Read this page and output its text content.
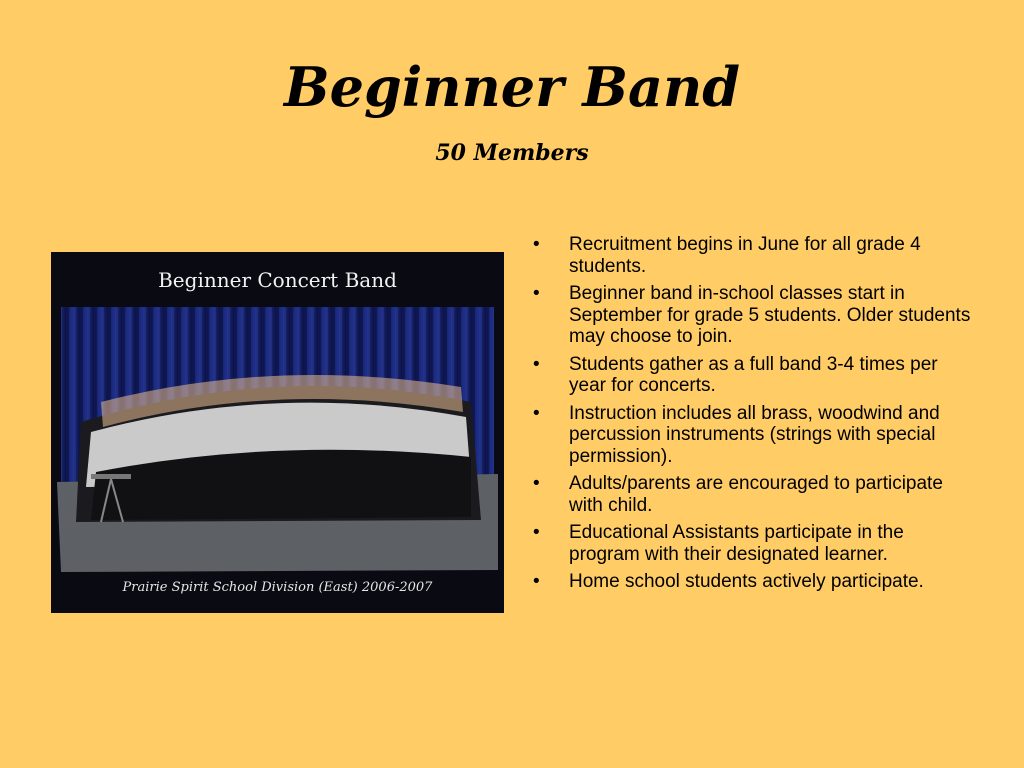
Beginner Band
50 Members
Beginner Concert Band
Prairie Spirit School Division (East) 2006-2007
• Recruitment begins in June for all grade 4 students.
• Beginner band in-school classes start in September for grade 5 students. Older students may choose to join.
• Students gather as a full band 3-4 times per year for concerts.
• Instruction includes all brass, woodwind and percussion instruments (strings with special permission).
• Adults/parents are encouraged to participate with child.
• Educational Assistants participate in the program with their designated learner.
• Home school students actively participate.
